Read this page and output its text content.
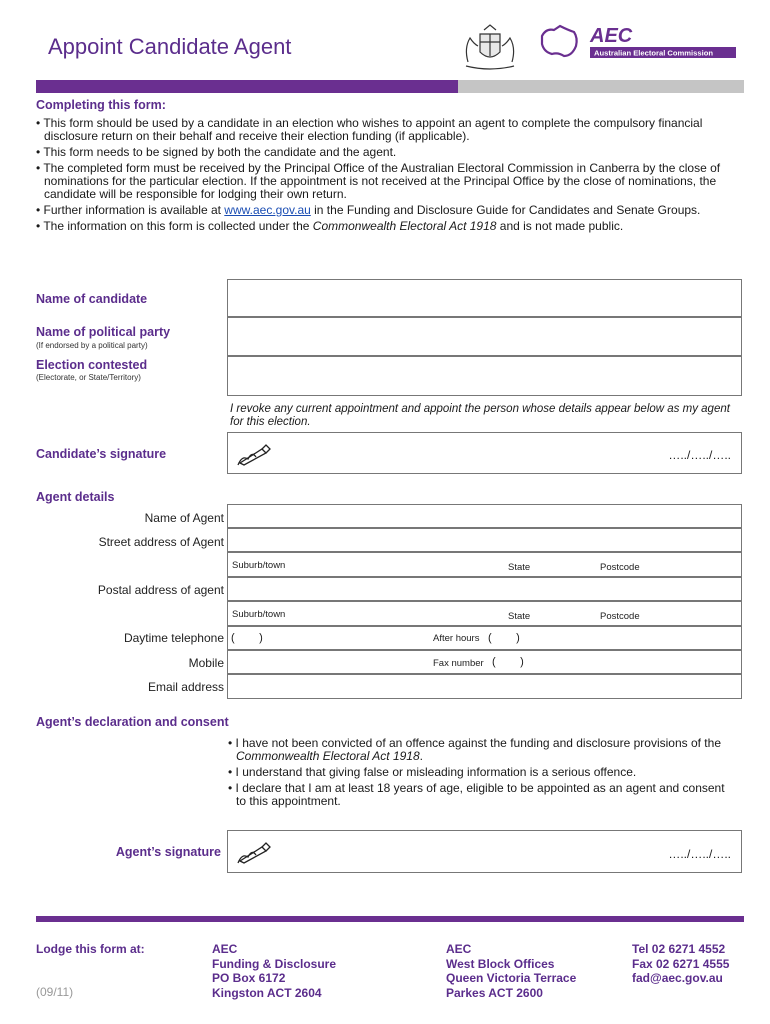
Appoint Candidate Agent	AEC
Australian Electoral Commission
Completing this form:
• This form should be used by a candidate in an election who wishes to appoint an agent to complete the compulsory financial disclosure return on their behalf and receive their election funding (if applicable).
• This form needs to be signed by both the candidate and the agent.
• The completed form must be received by the Principal Office of the Australian Electoral Commission in Canberra by the close of nominations for the particular election. If the appointment is not received at the Principal Office by the close of nominations, the candidate will be responsible for lodging their own return.
• Further information is available at www.aec.gov.au in the Funding and Disclosure Guide for Candidates and Senate Groups.
• The information on this form is collected under the Commonwealth Electoral Act 1918 and is not made public.
Name of candidate
Name of political party
(If endorsed by a political party)
Election contested
(Electorate, or State/Territory)
I revoke any current appointment and appoint the person whose details appear below as my agent for this election.
Candidate’s signature	…../…../…..
Agent details
Name of Agent
Street address of Agent
Suburb/town	State	Postcode
Postal address of agent
Suburb/town	State	Postcode
Daytime telephone (        )	After hours (        )
Mobile	Fax number (        )
Email address
Agent’s declaration and consent
• I have not been convicted of an offence against the funding and disclosure provisions of the Commonwealth Electoral Act 1918.
• I understand that giving false or misleading information is a serious offence.
• I declare that I am at least 18 years of age, eligible to be appointed as an agent and consent to this appointment.
Agent’s signature	…../…../…..
Lodge this form at:
(09/11)
AEC
Funding & Disclosure
PO Box 6172
Kingston ACT 2604
AEC
West Block Offices
Queen Victoria Terrace
Parkes ACT 2600
Tel 02 6271 4552
Fax 02 6271 4555
fad@aec.gov.au
